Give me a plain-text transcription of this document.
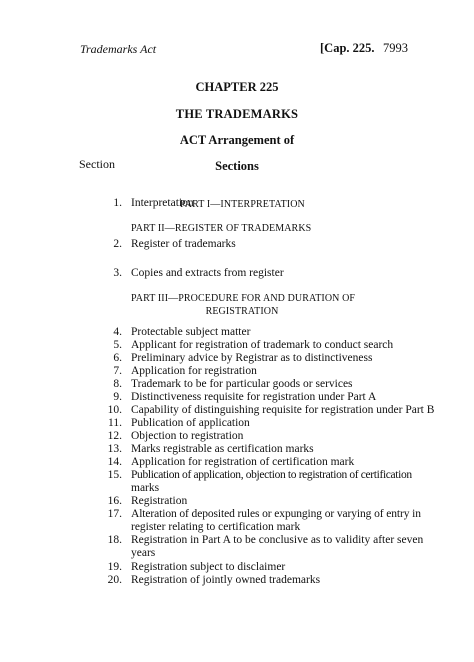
Trademarks Act	[Cap. 225. 7993
CHAPTER 225
THE TRADEMARKS
ACT Arrangement of
Section	Sections
1. Interpretation
PART I—INTERPRETATION
PART II—REGISTER OF TRADEMARKS
2. Register of trademarks
3. Copies and extracts from register
PART III—PROCEDURE FOR AND DURATION OF
REGISTRATION
4. Protectable subject matter
5. Applicant for registration of trademark to conduct search
6. Preliminary advice by Registrar as to distinctiveness
7. Application for registration
8. Trademark to be for particular goods or services
9. Distinctiveness requisite for registration under Part A
10. Capability of distinguishing requisite for registration under Part B
11. Publication of application
12. Objection to registration
13. Marks registrable as certification marks
14. Application for registration of certification mark
15. Publication of application, objection to registration of certification
marks
16. Registration
17. Alteration of deposited rules or expunging or varying of entry in
register relating to certification mark
18. Registration in Part A to be conclusive as to validity after seven
years
19. Registration subject to disclaimer
20. Registration of jointly owned trademarks
